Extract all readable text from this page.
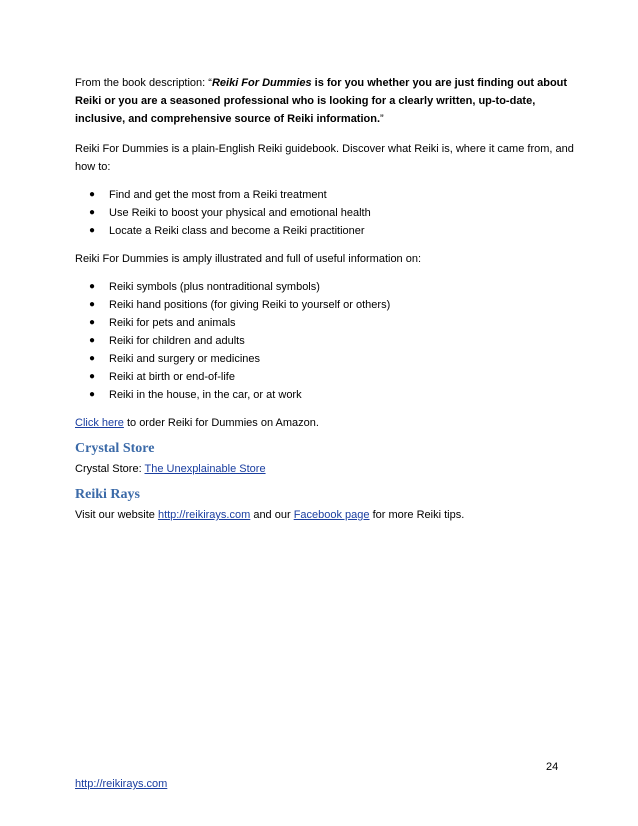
From the book description: “Reiki For Dummies is for you whether you are just finding out about Reiki or you are a seasoned professional who is looking for a clearly written, up-to-date, inclusive, and comprehensive source of Reiki information.”

Reiki For Dummies is a plain-English Reiki guidebook. Discover what Reiki is, where it came from, and how to:

● Find and get the most from a Reiki treatment
● Use Reiki to boost your physical and emotional health
● Locate a Reiki class and become a Reiki practitioner

Reiki For Dummies is amply illustrated and full of useful information on:

● Reiki symbols (plus nontraditional symbols)
● Reiki hand positions (for giving Reiki to yourself or others)
● Reiki for pets and animals
● Reiki for children and adults
● Reiki and surgery or medicines
● Reiki at birth or end-of-life
● Reiki in the house, in the car, or at work

Click here to order Reiki for Dummies on Amazon.

Crystal Store

Crystal Store: The Unexplainable Store

Reiki Rays

Visit our website http://reikirays.com and our Facebook page for more Reiki tips.

24
http://reikirays.com
